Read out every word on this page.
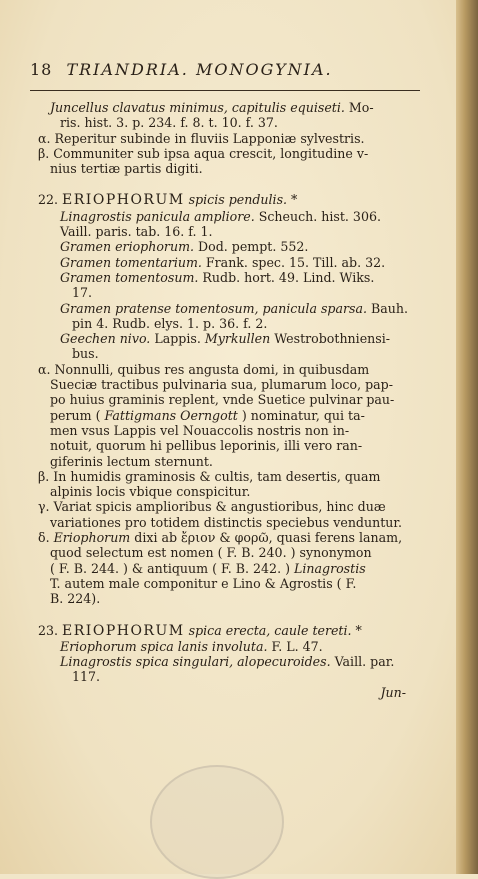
18 TRIANDRIA. MONOGYNIA.
Juncellus clavatus minimus, capitulis equiseti. Mo-
ris. hist. 3. p. 234. f. 8. t. 10. f. 37.
α. Reperitur subinde in fluviis Lapponiæ sylvestris.
β. Communiter sub ipsa aqua crescit, longitudine v-
nius tertiæ partis digiti.
22. ERIOPHORUM spicis pendulis. *
Linagrostis panicula ampliore. Scheuch. hist. 306.
Vaill. paris. tab. 16. f. 1.
Gramen eriophorum. Dod. pempt. 552.
Gramen tomentarium. Frank. spec. 15. Till. ab. 32.
Gramen tomentosum. Rudb. hort. 49. Lind. Wiks.
17.
Gramen pratense tomentosum, panicula sparsa. Bauh.
pin 4. Rudb. elys. 1. p. 36. f. 2.
Geechen nivo. Lappis. Myrkullen Westrobothniensi-
bus.
α. Nonnulli, quibus res angusta domi, in quibusdam
Sueciæ tractibus pulvinaria sua, plumarum loco, pap-
po huius graminis replent, vnde Suetice pulvinar pau-
perum ( Fattigmans Oerngott ) nominatur, qui ta-
men vsus Lappis vel Nouaccolis nostris non in-
notuit, quorum hi pellibus leporinis, illi vero ran-
giferinis lectum sternunt.
β. In humidis graminosis & cultis, tam desertis, quam
alpinis locis vbique conspicitur.
γ. Variat spicis amplioribus & angustioribus, hinc duæ
variationes pro totidem distinctis speciebus venduntur.
δ. Eriophorum dixi ab ἔριον & φορῶ, quasi ferens lanam,
quod selectum est nomen ( F. B. 240. ) synonymon
( F. B. 244. ) & antiquum ( F. B. 242. ) Linagrostis
T. autem male componitur e Lino & Agrostis ( F.
B. 224).
23. ERIOPHORUM spica erecta, caule tereti. *
Eriophorum spica lanis involuta. F. L. 47.
Linagrostis spica singulari, alopecuroides. Vaill. par.
117.
Jun-
